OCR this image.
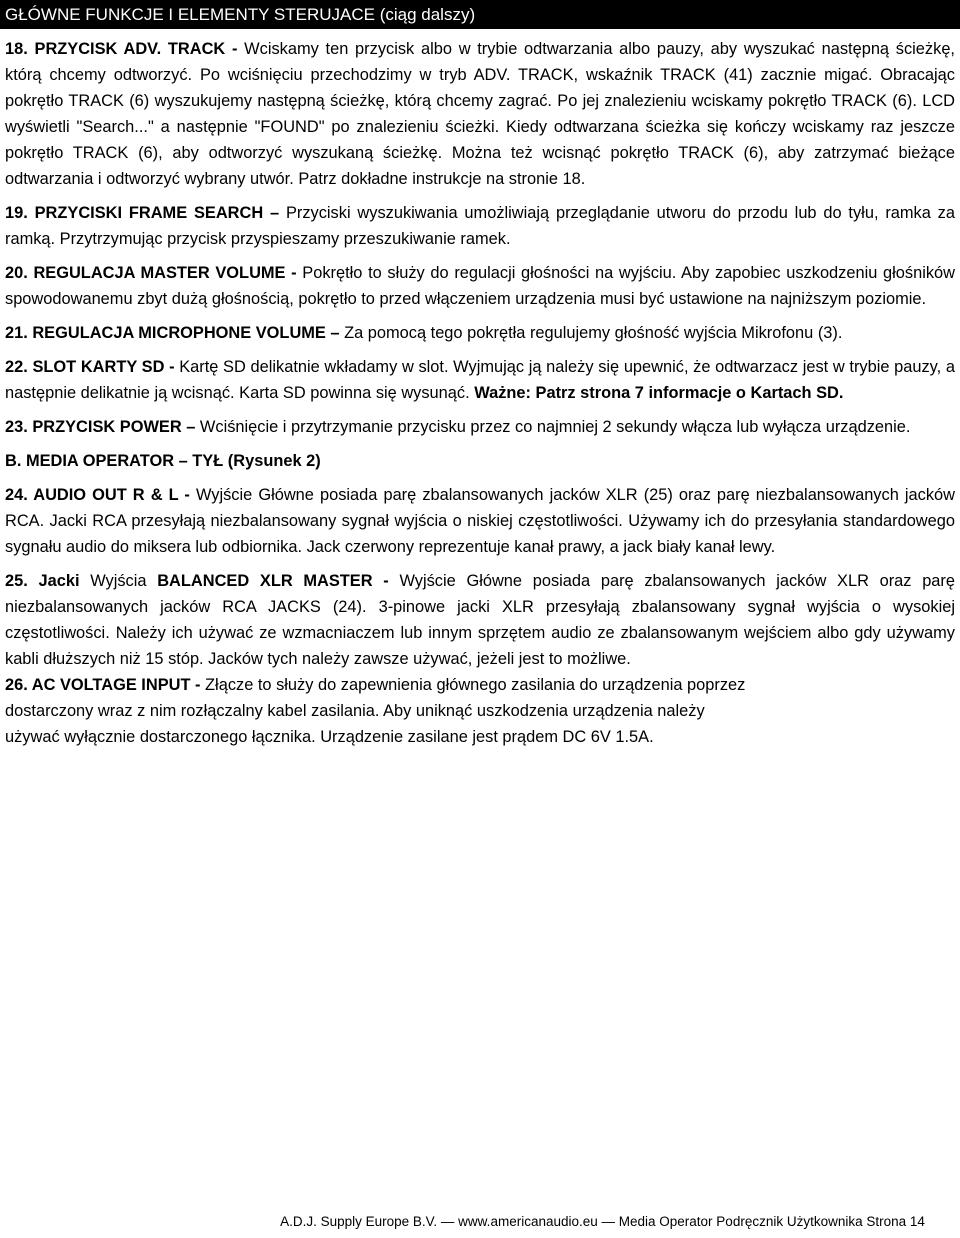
GŁÓWNE FUNKCJE I ELEMENTY STERUJACE (ciąg dalszy)

18. PRZYCISK ADV. TRACK - Wciskamy ten przycisk albo w trybie odtwarzania albo pauzy, aby wyszukać następną ścieżkę, którą chcemy odtworzyć. Po wciśnięciu przechodzimy w tryb ADV. TRACK, wskaźnik TRACK (41) zacznie migać. Obracając pokrętło TRACK (6) wyszukujemy następną ścieżkę, którą chcemy zagrać. Po jej znalezieniu wciskamy pokrętło TRACK (6). LCD wyświetli "Search..." a następnie "FOUND" po znalezieniu ścieżki. Kiedy odtwarzana ścieżka się kończy wciskamy raz jeszcze pokrętło TRACK (6), aby odtworzyć wyszukaną ścieżkę. Można też wcisnąć pokrętło TRACK (6), aby zatrzymać bieżące odtwarzania i odtworzyć wybrany utwór. Patrz dokładne instrukcje na stronie 18.

19. PRZYCISKI FRAME SEARCH – Przyciski wyszukiwania umożliwiają przeglądanie utworu do przodu lub do tyłu, ramka za ramką. Przytrzymując przycisk przyspieszamy przeszukiwanie ramek.

20. REGULACJA MASTER VOLUME - Pokrętło to służy do regulacji głośności na wyjściu. Aby zapobiec uszkodzeniu głośników spowodowanemu zbyt dużą głośnością, pokrętło to przed włączeniem urządzenia musi być ustawione na najniższym poziomie.

21. REGULACJA MICROPHONE VOLUME – Za pomocą tego pokrętła regulujemy głośność wyjścia Mikrofonu (3).

22. SLOT KARTY SD - Kartę SD delikatnie wkładamy w slot. Wyjmując ją należy się upewnić, że odtwarzacz jest w trybie pauzy, a następnie delikatnie ją wcisnąć. Karta SD powinna się wysunąć. Ważne: Patrz strona 7 informacje o Kartach SD.

23. PRZYCISK POWER – Wciśnięcie i przytrzymanie przycisku przez co najmniej 2 sekundy włącza lub wyłącza urządzenie.

B. MEDIA OPERATOR – TYŁ (Rysunek 2)

24. AUDIO OUT R & L - Wyjście Główne posiada parę zbalansowanych jacków XLR (25) oraz parę niezbalansowanych jacków RCA. Jacki RCA przesyłają niezbalansowany sygnał wyjścia o niskiej częstotliwości. Używamy ich do przesyłania standardowego sygnału audio do miksera lub odbiornika. Jack czerwony reprezentuje kanał prawy, a jack biały kanał lewy.

25. Jacki Wyjścia BALANCED XLR MASTER - Wyjście Główne posiada parę zbalansowanych jacków XLR oraz parę niezbalansowanych jacków RCA JACKS (24). 3-pinowe jacki XLR przesyłają zbalansowany sygnał wyjścia o wysokiej częstotliwości. Należy ich używać ze wzmacniaczem lub innym sprzętem audio ze zbalansowanym wejściem albo gdy używamy kabli dłuższych niż 15 stóp. Jacków tych należy zawsze używać, jeżeli jest to możliwe.

26. AC VOLTAGE INPUT - Złącze to służy do zapewnienia głównego zasilania do urządzenia poprzez
dostarczony wraz z nim rozłączalny kabel zasilania. Aby uniknąć uszkodzenia urządzenia należy
używać wyłącznie dostarczonego łącznika. Urządzenie zasilane jest prądem DC 6V 1.5A.

A.D.J. Supply Europe B.V. — www.americanaudio.eu — Media Operator Podręcznik Użytkownika Strona 14
